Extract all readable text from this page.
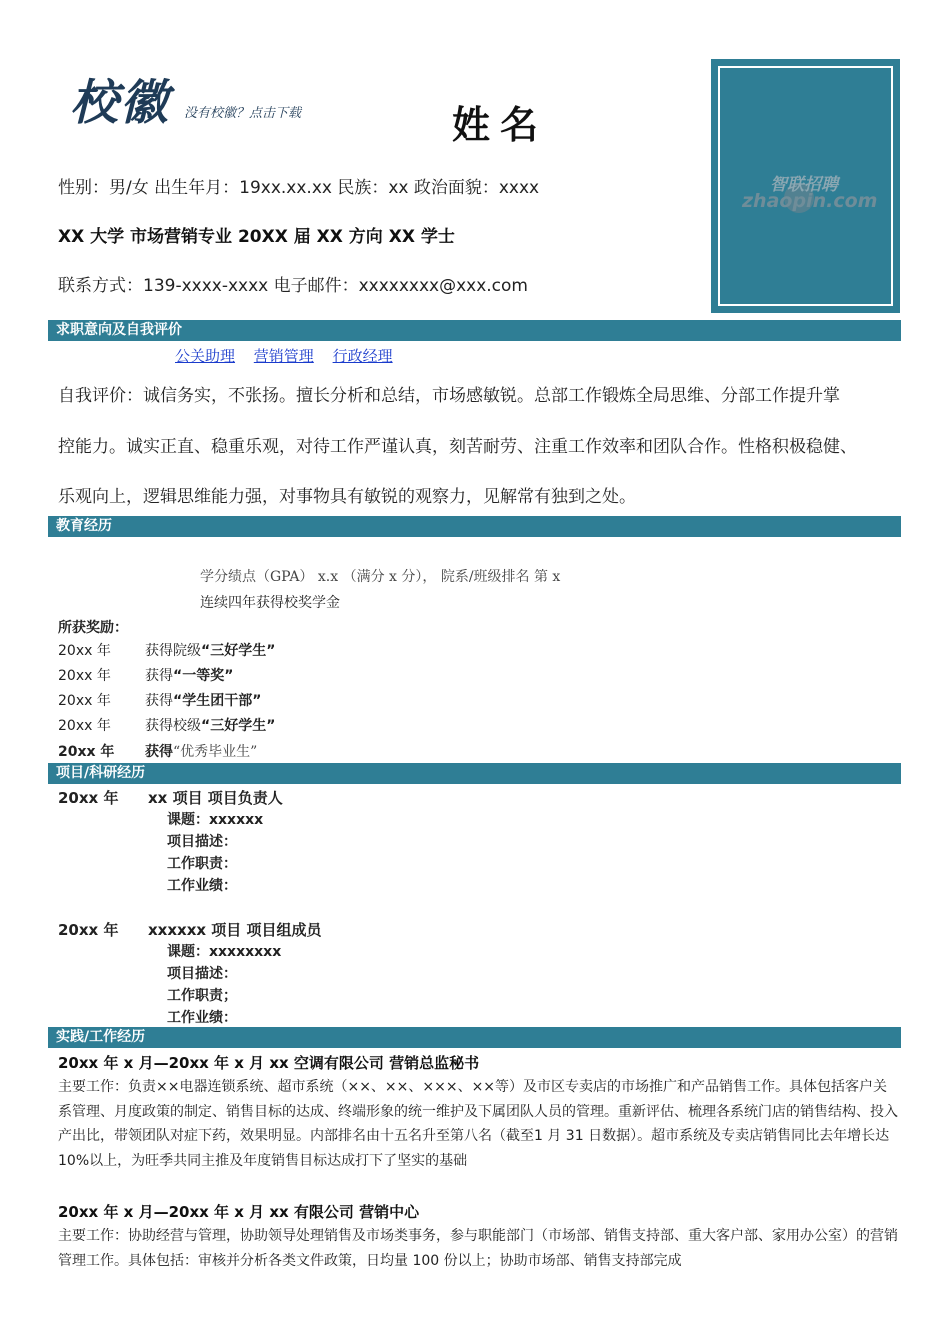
校徽 没有校徽？点击下载	姓名
性别：男/女 出生年月：19xx.xx.xx 民族：xx 政治面貌：xxxx
XX 大学 市场营销专业 20XX 届 XX 方向 XX 学士
联系方式：139-xxxx-xxxx 电子邮件：xxxxxxxx@xxx.com
智联招聘
zhaopin.com
求职意向及自我评价
公关助理 营销管理 行政经理
自我评价：诚信务实，不张扬。擅长分析和总结，市场感敏锐。总部工作锻炼全局思维、分部工作提升掌
控能力。诚实正直、稳重乐观，对待工作严谨认真，刻苦耐劳、注重工作效率和团队合作。性格积极稳健、
乐观向上，逻辑思维能力强，对事物具有敏锐的观察力，见解常有独到之处。
教育经历
学分绩点（GPA） x.x （满分 x 分）， 院系/班级排名 第 x
连续四年获得校奖学金
所获奖励：
20xx 年 获得院级“三好学生”
20xx 年 获得“一等奖”
20xx 年 获得“学生团干部”
20xx 年 获得校级“三好学生”
20xx 年 获得“优秀毕业生”
项目/科研经历
20xx 年 xx 项目 项目负责人
课题：xxxxxx
项目描述：
工作职责：
工作业绩：
20xx 年 xxxxxx 项目 项目组成员
课题：xxxxxxxx
项目描述：
工作职责；
工作业绩：
实践/工作经历
20xx 年 x 月—20xx 年 x 月 xx 空调有限公司 营销总监秘书
主要工作：负责××电器连锁系统、超市系统（××、××、×××、××等）及市区专卖店的市场推广和产品销售工作。具体包括客户关系管理、月度政策的制定、销售目标的达成、终端形象的统一维护及下属团队人员的管理。重新评估、梳理各系统门店的销售结构、投入产出比，带领团队对症下药，效果明显。内部排名由十五名升至第八名（截至1 月 31 日数据）。超市系统及专卖店销售同比去年增长达 10%以上，为旺季共同主推及年度销售目标达成打下了坚实的基础
20xx 年 x 月—20xx 年 x 月 xx 有限公司 营销中心
主要工作：协助经营与管理，协助领导处理销售及市场类事务，参与职能部门（市场部、销售支持部、重大客户部、家用办公室）的营销管理工作。具体包括：审核并分析各类文件政策，日均量 100 份以上；协助市场部、销售支持部完成
